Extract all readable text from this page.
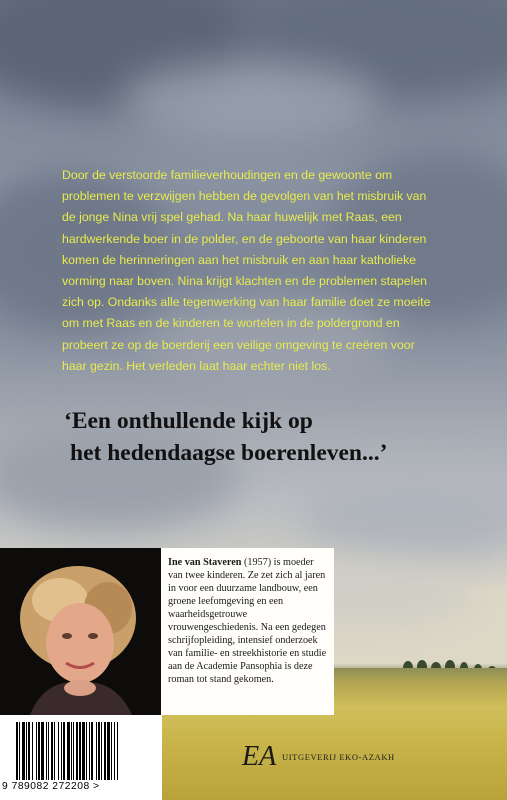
Door de verstoorde familieverhoudingen en de gewoonte om problemen te verzwijgen hebben de gevolgen van het misbruik van de jonge Nina vrij spel gehad. Na haar huwelijk met Raas, een hardwerkende boer in de polder, en de geboorte van haar kinderen komen de herinneringen aan het misbruik en aan haar katholieke vorming naar boven. Nina krijgt klachten en de problemen stapelen zich op. Ondanks alle tegenwerking van haar familie doet ze moeite om met Raas en de kinderen te wortelen in de poldergrond en probeert ze op de boerderij een veilige omgeving te creëren voor haar gezin. Het verleden laat haar echter niet los.

‘Een onthullende kijk op
het hedendaagse boerenleven...’

Ine van Staveren (1957) is moeder van twee kinderen. Ze zet zich al jaren in voor een duurzame landbouw, een groene leefomgeving en een waarheidsgetrouwe vrouwengeschiedenis. Na een gedegen schrijfopleiding, intensief onderzoek van familie- en streekhistorie en studie aan de Academie Pansophia is deze roman tot stand gekomen.
9 789082 272208 >
EA UITGEVERIJ EKO-AZAKH
